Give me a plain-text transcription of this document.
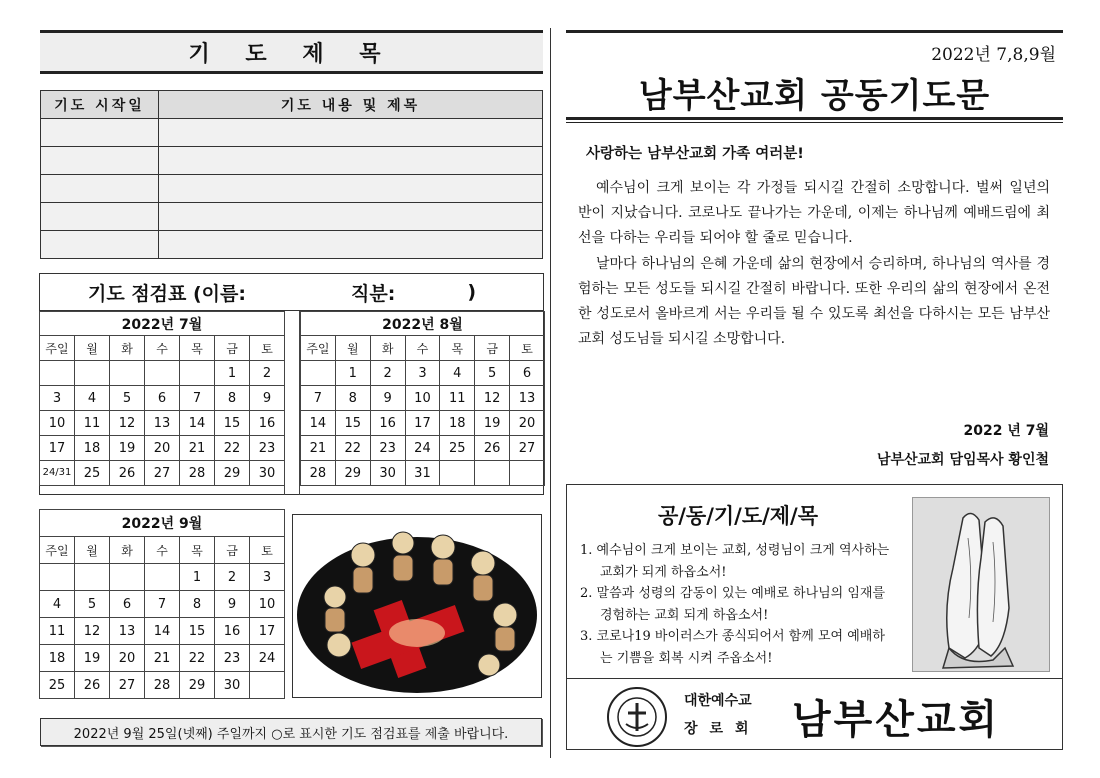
기 도 제 목
기도 시작일	기도 내용 및 제목

기도 점검표 (이름:	직분:	)
2022년 7월						
주일	월	화	수	목	금	토
					1	2
3	4	5	6	7	8	9
10	11	12	13	14	15	16
17	18	19	20	21	22	23
24/31	25	26	27	28	29	30
2022년 8월						
주일	월	화	수	목	금	토
	1	2	3	4	5	6
7	8	9	10	11	12	13
14	15	16	17	18	19	20
21	22	23	24	25	26	27
28	29	30	31			
2022년 9월						
주일	월	화	수	목	금	토
				1	2	3
4	5	6	7	8	9	10
11	12	13	14	15	16	17
18	19	20	21	22	23	24
25	26	27	28	29	30	
2022년 9월 25일(넷째) 주일까지 ○로 표시한 기도 점검표를 제출 바랍니다.
2022년 7,8,9월
남부산교회 공동기도문
사랑하는 남부산교회 가족 여러분!

예수님이 크게 보이는 각 가정들 되시길 간절히 소망합니다. 벌써 일년의 반이 지났습니다. 코로나도 끝나가는 가운데, 이제는 하나님께 예배드림에 최선을 다하는 우리들 되어야 할 줄로 믿습니다.

날마다 하나님의 은혜 가운데 삶의 현장에서 승리하며, 하나님의 역사를 경험하는 모든 성도들 되시길 간절히 바랍니다. 또한 우리의 삶의 현장에서 온전한 성도로서 올바르게 서는 우리들 될 수 있도록 최선을 다하시는 모든 남부산교회 성도님들 되시길 소망합니다.

2022 년 7월
남부산교회 담임목사 황인철
공/동/기/도/제/목
1. 예수님이 크게 보이는 교회, 성령님이 크게 역사하는 교회가 되게 하옵소서!
2. 말씀과 성령의 감동이 있는 예배로 하나님의 임재를 경험하는 교회 되게 하옵소서!
3. 코로나19 바이러스가 종식되어서 함께 모여 예배하는 기쁨을 회복 시켜 주옵소서!
대한예수교
장로회 남부산교회
